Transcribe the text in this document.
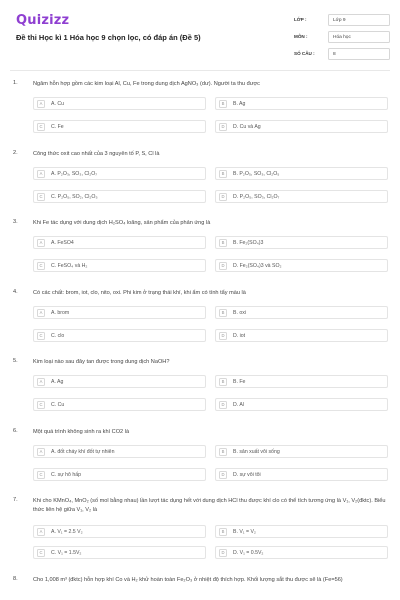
Quizizz
Đề thi Học kì 1 Hóa học 9 chọn lọc, có đáp án (Đề 5)
LỚP :	Lớp 9
MÔN :	Hóa học
SỐ CÂU :	8
1.	Ngâm hỗn hợp gồm các kim loại Al, Cu, Fe trong dung dịch AgNO₃ (dư). Người ta thu được
A	A. Cu	B	B. Ag
C	C. Fe	D	D. Cu và Ag
2.	Công thức oxit cao nhất của 3 nguyên tố P, S, Cl là
A	A. P₂O₃, SO₃, Cl₂O₇	B	B. P₂O₅, SO₃, Cl₂O₅
C	C. P₂O₅, SO₂, Cl₂O₅	D	D. P₂O₅, SO₃, Cl₂O₇
3.	Khi Fe tác dụng với dung dịch H₂SO₄ loãng, sản phẩm của phản ứng là
A	A. FeSO4	B	B. Fe₂(SO₄)3
C	C. FeSO₄ và H₂	D	D. Fe₂(SO₄)3 và SO₂
4.	Có các chất: brom, iot, clo, nito, oxi. Phi kim ở trạng thái khí, khi ẩm có tính tẩy màu là
A	A. brom	B	B. oxi
C	C. clo	D	D. iot
5.	Kim loại nào sau đây tan được trong dung dịch NaOH?
A	A. Ag	B	B. Fe
C	C. Cu	D	D. Al
6.	Một quá trình không sinh ra khí CO2 là
A	A. đốt cháy khí đốt tự nhiên	B	B. sản xuất vôi sống
C	C. sự hô hấp	D	D. sự vôi tôi
7.	Khi cho KMnO₄, MnO₂ (số mol bằng nhau) lần lượt tác dụng hết với dung dịch HCl thu được khí clo có thể tích tương ứng là V₁, V₂(đktc). Biểu thức liên hệ giữa V₁, V₂ là
A	A. V₁ = 2.5 V₂	B	B. V₁ = V₂
C	C. V₁ = 1.5V₂	D	D. V₁ = 0.5V₂
8.	Cho 1,008 m³ (đktc) hỗn hợp khí Co và H₂ khử hoàn toàn Fe₂O₃ ở nhiệt độ thích hợp. Khối lượng sắt thu được sẽ là (Fe=56)
